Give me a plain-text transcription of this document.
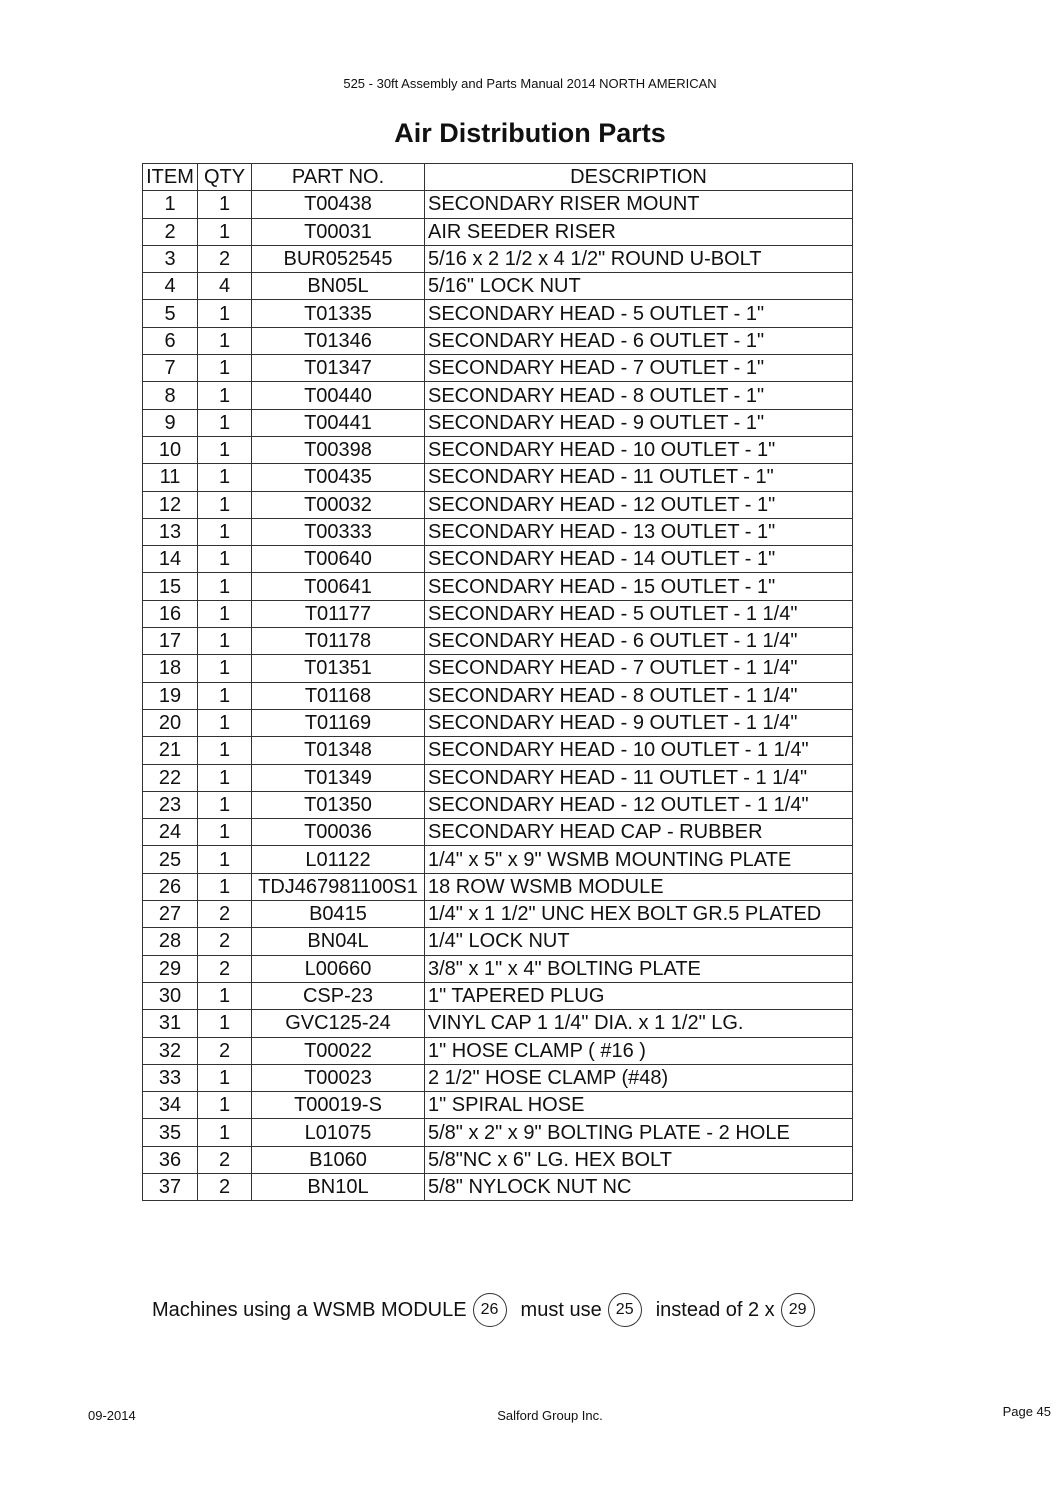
525 - 30ft Assembly and Parts Manual 2014 NORTH AMERICAN
Air Distribution Parts
ITEM	QTY	PART NO.	DESCRIPTION
1	1	T00438	SECONDARY RISER MOUNT
2	1	T00031	AIR SEEDER RISER
3	2	BUR052545	5/16 x 2 1/2 x 4 1/2" ROUND U-BOLT
4	4	BN05L	5/16" LOCK NUT
5	1	T01335	SECONDARY HEAD - 5 OUTLET - 1"
6	1	T01346	SECONDARY HEAD - 6 OUTLET - 1"
7	1	T01347	SECONDARY HEAD - 7 OUTLET - 1"
8	1	T00440	SECONDARY HEAD - 8 OUTLET - 1"
9	1	T00441	SECONDARY HEAD - 9 OUTLET - 1"
10	1	T00398	SECONDARY HEAD - 10 OUTLET - 1"
11	1	T00435	SECONDARY HEAD - 11 OUTLET - 1"
12	1	T00032	SECONDARY HEAD - 12 OUTLET - 1"
13	1	T00333	SECONDARY HEAD - 13 OUTLET - 1"
14	1	T00640	SECONDARY HEAD - 14 OUTLET - 1"
15	1	T00641	SECONDARY HEAD - 15 OUTLET - 1"
16	1	T01177	SECONDARY HEAD - 5 OUTLET - 1 1/4"
17	1	T01178	SECONDARY HEAD - 6 OUTLET - 1 1/4"
18	1	T01351	SECONDARY HEAD - 7 OUTLET - 1 1/4"
19	1	T01168	SECONDARY HEAD - 8 OUTLET - 1 1/4"
20	1	T01169	SECONDARY HEAD - 9 OUTLET - 1 1/4"
21	1	T01348	SECONDARY HEAD - 10 OUTLET - 1 1/4"
22	1	T01349	SECONDARY HEAD - 11 OUTLET - 1 1/4"
23	1	T01350	SECONDARY HEAD - 12 OUTLET - 1 1/4"
24	1	T00036	SECONDARY HEAD CAP - RUBBER
25	1	L01122	1/4" x 5" x 9" WSMB MOUNTING PLATE
26	1	TDJ467981100S1	18 ROW WSMB MODULE
27	2	B0415	1/4" x 1 1/2" UNC HEX BOLT GR.5 PLATED
28	2	BN04L	1/4" LOCK NUT
29	2	L00660	3/8" x 1" x 4" BOLTING PLATE
30	1	CSP-23	1" TAPERED PLUG
31	1	GVC125-24	VINYL CAP 1 1/4" DIA. x 1 1/2" LG.
32	2	T00022	1" HOSE CLAMP ( #16 )
33	1	T00023	2 1/2" HOSE CLAMP (#48)
34	1	T00019-S	1" SPIRAL HOSE
35	1	L01075	5/8" x 2" x 9" BOLTING PLATE - 2 HOLE
36	2	B1060	5/8"NC x 6" LG. HEX BOLT
37	2	BN10L	5/8" NYLOCK NUT NC
Machines using a WSMB MODULE 26	must use 25	instead of 2 x 29
09-2014	Salford Group Inc.	Page 45
